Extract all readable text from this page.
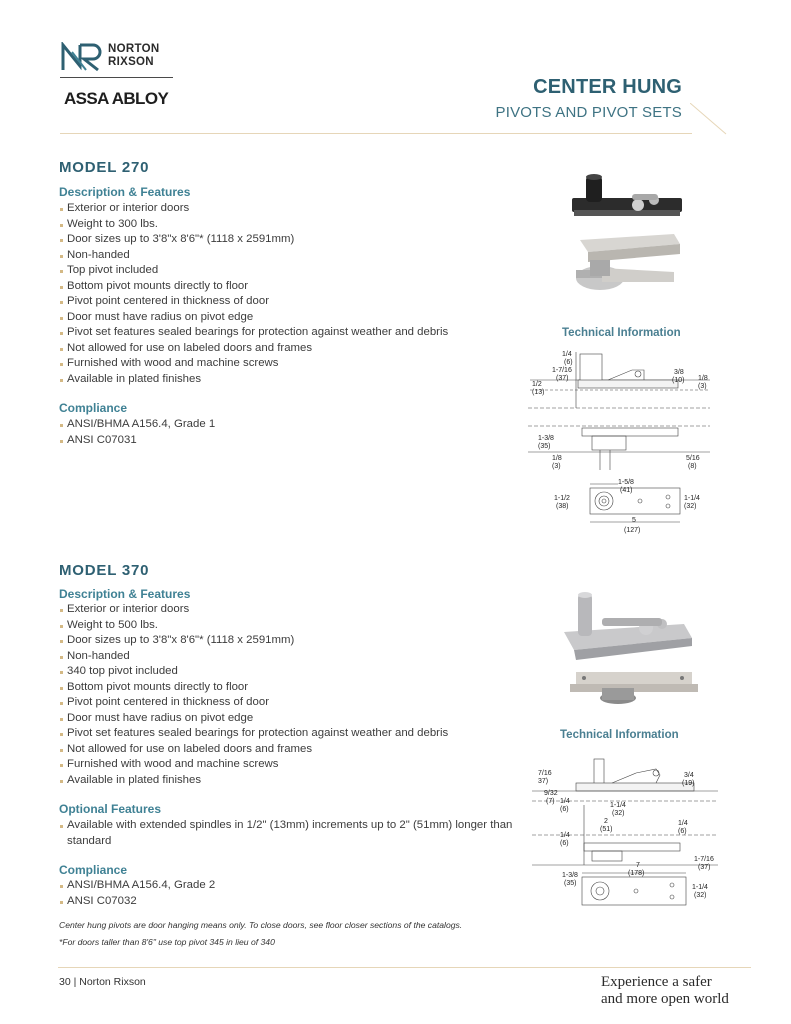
NORTON
RIXSON
ASSA ABLOY
CENTER HUNG
PIVOTS AND PIVOT SETS
MODEL 270
Description & Features
Exterior or interior doors
Weight to 300 lbs.
Door sizes up to 3'8"x 8'6"* (1118 x 2591mm)
Non-handed
Top pivot included
Bottom pivot mounts directly to floor
Pivot point centered in thickness of door
Door must have radius on pivot edge
Pivot set features sealed bearings for protection against weather and debris
Not allowed for use on labeled doors and frames
Furnished with wood and machine screws
Available in plated finishes
Compliance
ANSI/BHMA A156.4, Grade 1
ANSI C07031
Technical Information
1/4
(6)
1-7/16
(37)
1/2
(13)
3/8
(10) 1/8
(3)
1-3/8
(35)
1/8
(3)
5/16
(8)
1-5/8
(41)
1-1/2
(38)
1-1/4
(32)
5
(127)
MODEL 370
Description & Features
Exterior or interior doors
Weight to 500 lbs.
Door sizes up to 3'8"x 8'6"* (1118 x 2591mm)
Non-handed
340 top pivot included
Bottom pivot mounts directly to floor
Pivot point centered in thickness of door
Door must have radius on pivot edge
Pivot set features sealed bearings for protection against weather and debris
Not allowed for use on labeled doors and frames
Furnished with wood and machine screws
Available in plated finishes
Optional Features
Available with extended spindles in 1/2" (13mm) increments up to 2" (51mm) longer than standard
Compliance
ANSI/BHMA A156.4, Grade 2
ANSI C07032
Technical Information
7/16
37)
9/32
(7) 1/4
(6)
3/4
(19)
1-1/4
(32)
2
(51)
1/4
(6)
1/4
(6)
7
(178)
1-7/16
(37)
1-3/8
(35)
1-1/4
(32)
Center hung pivots are door hanging means only. To close doors, see floor closer sections of the catalogs.
*For doors taller than 8'6" use top pivot 345 in lieu of 340
30 | Norton Rixson	Experience a safer
and more open world
